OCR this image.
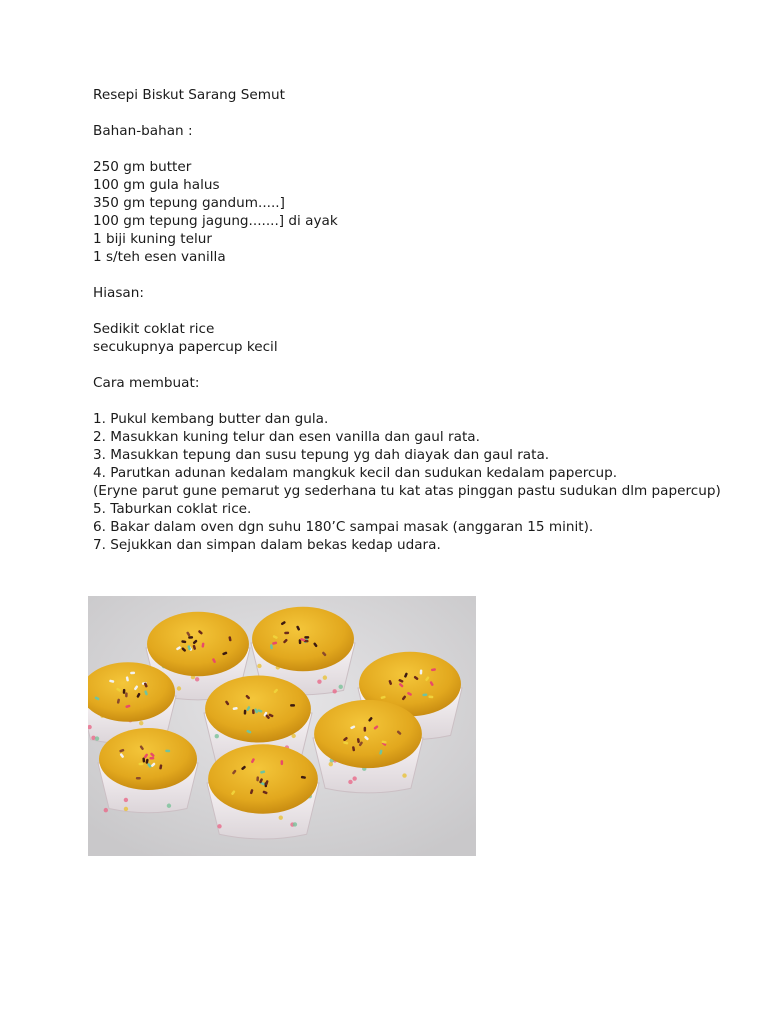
Resepi Biskut Sarang Semut
Bahan-bahan :
250 gm butter
100 gm gula halus
350 gm tepung gandum.....]
100 gm tepung jagung.......] di ayak
1 biji kuning telur
1 s/teh esen vanilla
Hiasan:
Sedikit coklat rice
secukupnya papercup kecil
Cara membuat:
1. Pukul kembang butter dan gula.
2. Masukkan kuning telur dan esen vanilla dan gaul rata.
3. Masukkan tepung dan susu tepung yg dah diayak dan gaul rata.
4. Parutkan adunan kedalam mangkuk kecil dan sudukan kedalam papercup.
(Eryne parut gune pemarut yg sederhana tu kat atas pinggan pastu sudukan dlm papercup)
5. Taburkan coklat rice.
6. Bakar dalam oven dgn suhu 180’C sampai masak (anggaran 15 minit).
7. Sejukkan dan simpan dalam bekas kedap udara.
